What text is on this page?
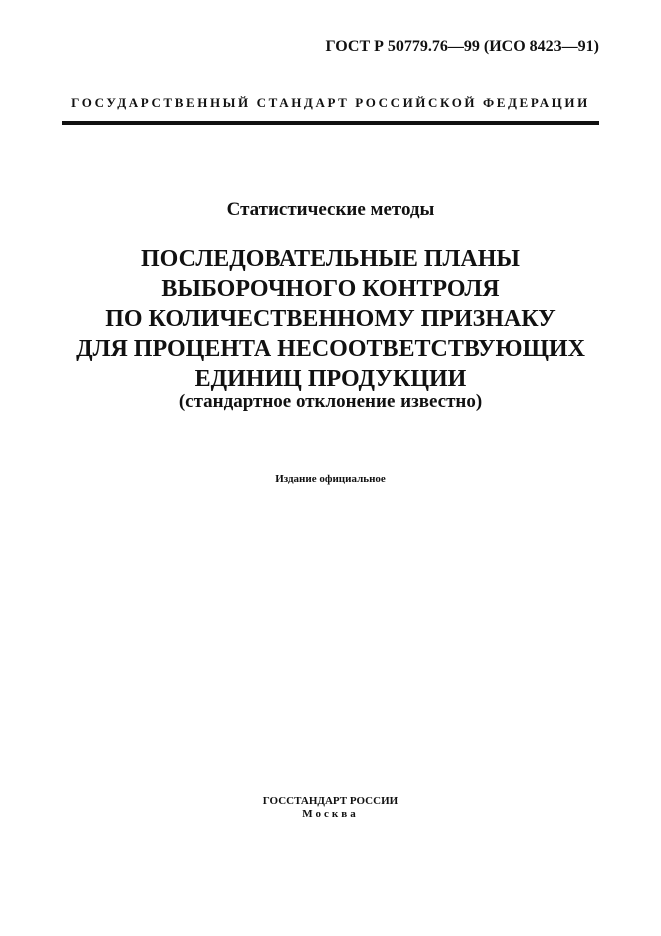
ГОСТ Р 50779.76—99 (ИСО 8423—91)
ГОСУДАРСТВЕННЫЙ СТАНДАРТ РОССИЙСКОЙ ФЕДЕРАЦИИ
Статистические методы
ПОСЛЕДОВАТЕЛЬНЫЕ ПЛАНЫ
ВЫБОРОЧНОГО КОНТРОЛЯ
ПО КОЛИЧЕСТВЕННОМУ ПРИЗНАКУ
ДЛЯ ПРОЦЕНТА НЕСООТВЕТСТВУЮЩИХ
ЕДИНИЦ ПРОДУКЦИИ
(стандартное отклонение известно)
Издание официальное
ГОССТАНДАРТ РОССИИ
Москва
